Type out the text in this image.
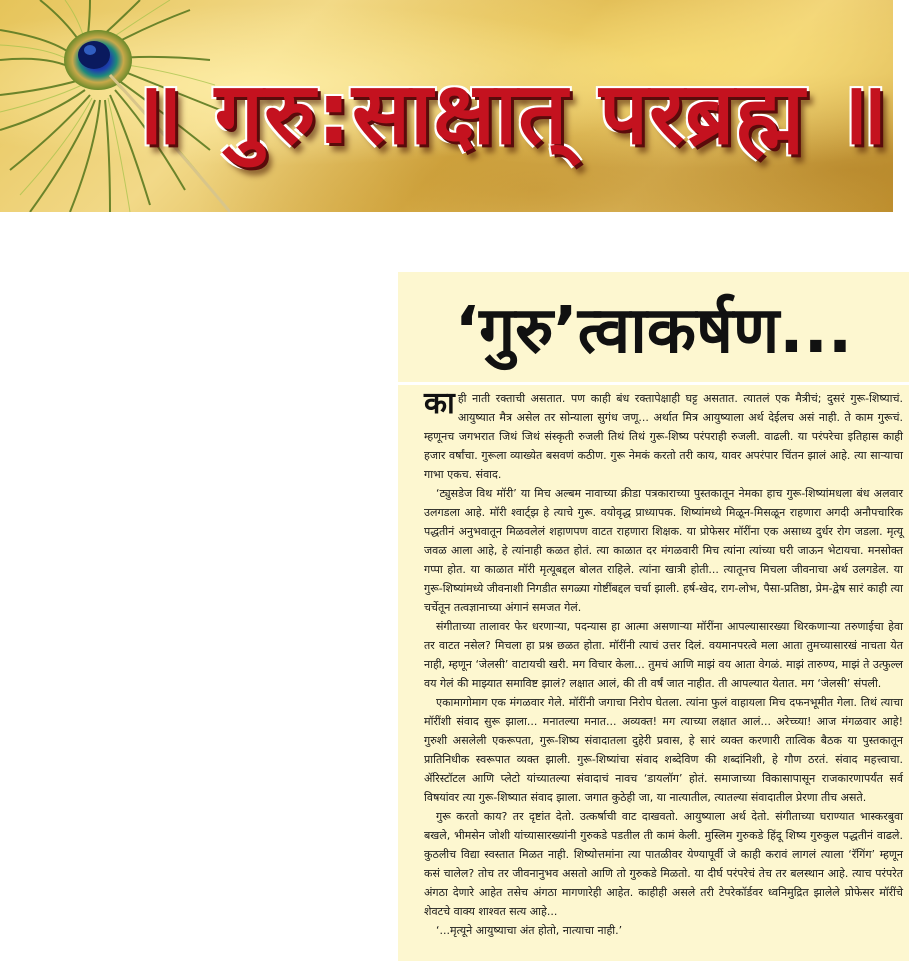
॥ गुरु:साक्षात् परब्रह्म ॥
‘गुरु’त्वाकर्षण...

काही नाती रक्ताची असतात. पण काही बंध रक्तापेक्षाही घट्ट असतात. त्यातलं एक मैत्रीचं; दुसरं गुरू-शिष्याचं. आयुष्यात मैत्र असेल तर सोन्याला सुगंध जणू... अर्थात मित्र आयुष्याला अर्थ देईलच असं नाही. ते काम गुरूचं. म्हणूनच जगभरात जिथं जिथं संस्कृती रुजली तिथं तिथं गुरू-शिष्य परंपराही रुजली. वाढली. या परंपरेचा इतिहास काही हजार वर्षांचा. गुरूला व्याख्येत बसवणं कठीण. गुरू नेमकं करतो तरी काय, यावर अपरंपार चिंतन झालं आहे. त्या साऱ्याचा गाभा एकच. संवाद.

‘ट्युसडेज विथ मॉरी’ या मिच अल्बम नावाच्या क्रीडा पत्रकाराच्या पुस्तकातून नेमका हाच गुरू-शिष्यांमधला बंध अलवार उलगडला आहे. मॉरी श्वार्ट्झ हे त्याचे गुरू. वयोवृद्ध प्राध्यापक. शिष्यांमध्ये मिळून-मिसळून राहणारा अगदी अनौपचारिक पद्धतीनं अनुभवातून मिळवलेलं शहाणपण वाटत राहणारा शिक्षक. या प्रोफेसर मॉरींना एक असाध्य दुर्धर रोग जडला. मृत्यू जवळ आला आहे, हे त्यांनाही कळत होतं. त्या काळात दर मंगळवारी मिच त्यांना त्यांच्या घरी जाऊन भेटायचा. मनसोक्त गप्पा होत. या काळात मॉरी मृत्यूबद्दल बोलत राहिले. त्यांना खात्री होती... त्यातूनच मिचला जीवनाचा अर्थ उलगडेल. या गुरू-शिष्यांमध्ये जीवनाशी निगडीत सगळ्या गोष्टींबद्दल चर्चा झाली. हर्ष-खेद, राग-लोभ, पैसा-प्रतिष्ठा, प्रेम-द्वेष सारं काही त्या चर्चेतून तत्वज्ञानाच्या अंगानं समजत गेलं.

संगीताच्या तालावर फेर धरणाऱ्या, पदन्यास हा आत्मा असणाऱ्या मॉरींना आपल्यासारख्या थिरकणाऱ्या तरुणाईचा हेवा तर वाटत नसेल? मिचला हा प्रश्न छळत होता. मॉरींनी त्याचं उत्तर दिलं. वयमानपरत्वे मला आता तुमच्यासारखं नाचता येत नाही, म्हणून ‘जेलसी’ वाटायची खरी. मग विचार केला... तुमचं आणि माझं वय आता वेगळं. माझं तारुण्य, माझं ते उत्फुल्ल वय गेलं की माझ्यात समाविष्ट झालं? लक्षात आलं, की ती वर्षं जात नाहीत. ती आपल्यात येतात. मग ‘जेलसी’ संपली.

एकामागोमाग एक मंगळवार गेले. मॉरींनी जगाचा निरोप घेतला. त्यांना फुलं वाहायला मिच दफनभूमीत गेला. तिथं त्याचा मॉरींशी संवाद सुरू झाला... मनातल्या मनात... अव्यक्त! मग त्याच्या लक्षात आलं... अरेच्च्या! आज मंगळवार आहे! गुरुशी असलेली एकरूपता, गुरू-शिष्य संवादातला दुहेरी प्रवास, हे सारं व्यक्त करणारी तात्विक बैठक या पुस्तकातून प्रातिनिधीक स्वरूपात व्यक्त झाली. गुरू-शिष्यांचा संवाद शब्देविण की शब्दांनिशी, हे गौण ठरतं. संवाद महत्त्वाचा. ॲरिस्टॉटल आणि प्लेटो यांच्यातल्या संवादाचं नावच ‘डायलॉग’ होतं. समाजाच्या विकासापासून राजकारणापर्यंत सर्व विषयांवर त्या गुरू-शिष्यात संवाद झाला. जगात कुठेही जा, या नात्यातील, त्यातल्या संवादातील प्रेरणा तीच असते.

गुरू करतो काय? तर दृष्टांत देतो. उत्कर्षाची वाट दाखवतो. आयुष्याला अर्थ देतो. संगीताच्या घराण्यात भास्करबुवा बखले, भीमसेन जोशी यांच्यासारख्यांनी गुरुकडे पडतील ती कामं केली. मुस्लिम गुरुकडे हिंदू शिष्य गुरुकुल पद्धतीनं वाढले. कुठलीच विद्या स्वस्तात मिळत नाही. शिष्योत्तमांना त्या पातळीवर येण्यापूर्वी जे काही करावं लागलं त्याला ‘रॅगिंग’ म्हणून कसं चालेल? तोच तर जीवनानुभव असतो आणि तो गुरुकडे मिळतो. या दीर्घ परंपरेचं तेच तर बलस्थान आहे. त्याच परंपरेत अंगठा देणारे आहेत तसेच अंगठा मागणारेही आहेत. काहीही असले तरी टेपरेकॉर्डवर ध्वनिमुद्रित झालेले प्रोफेसर मॉरींचे शेवटचे वाक्य शाश्वत सत्य आहे...

‘...मृत्यूने आयुष्याचा अंत होतो, नात्याचा नाही.’
